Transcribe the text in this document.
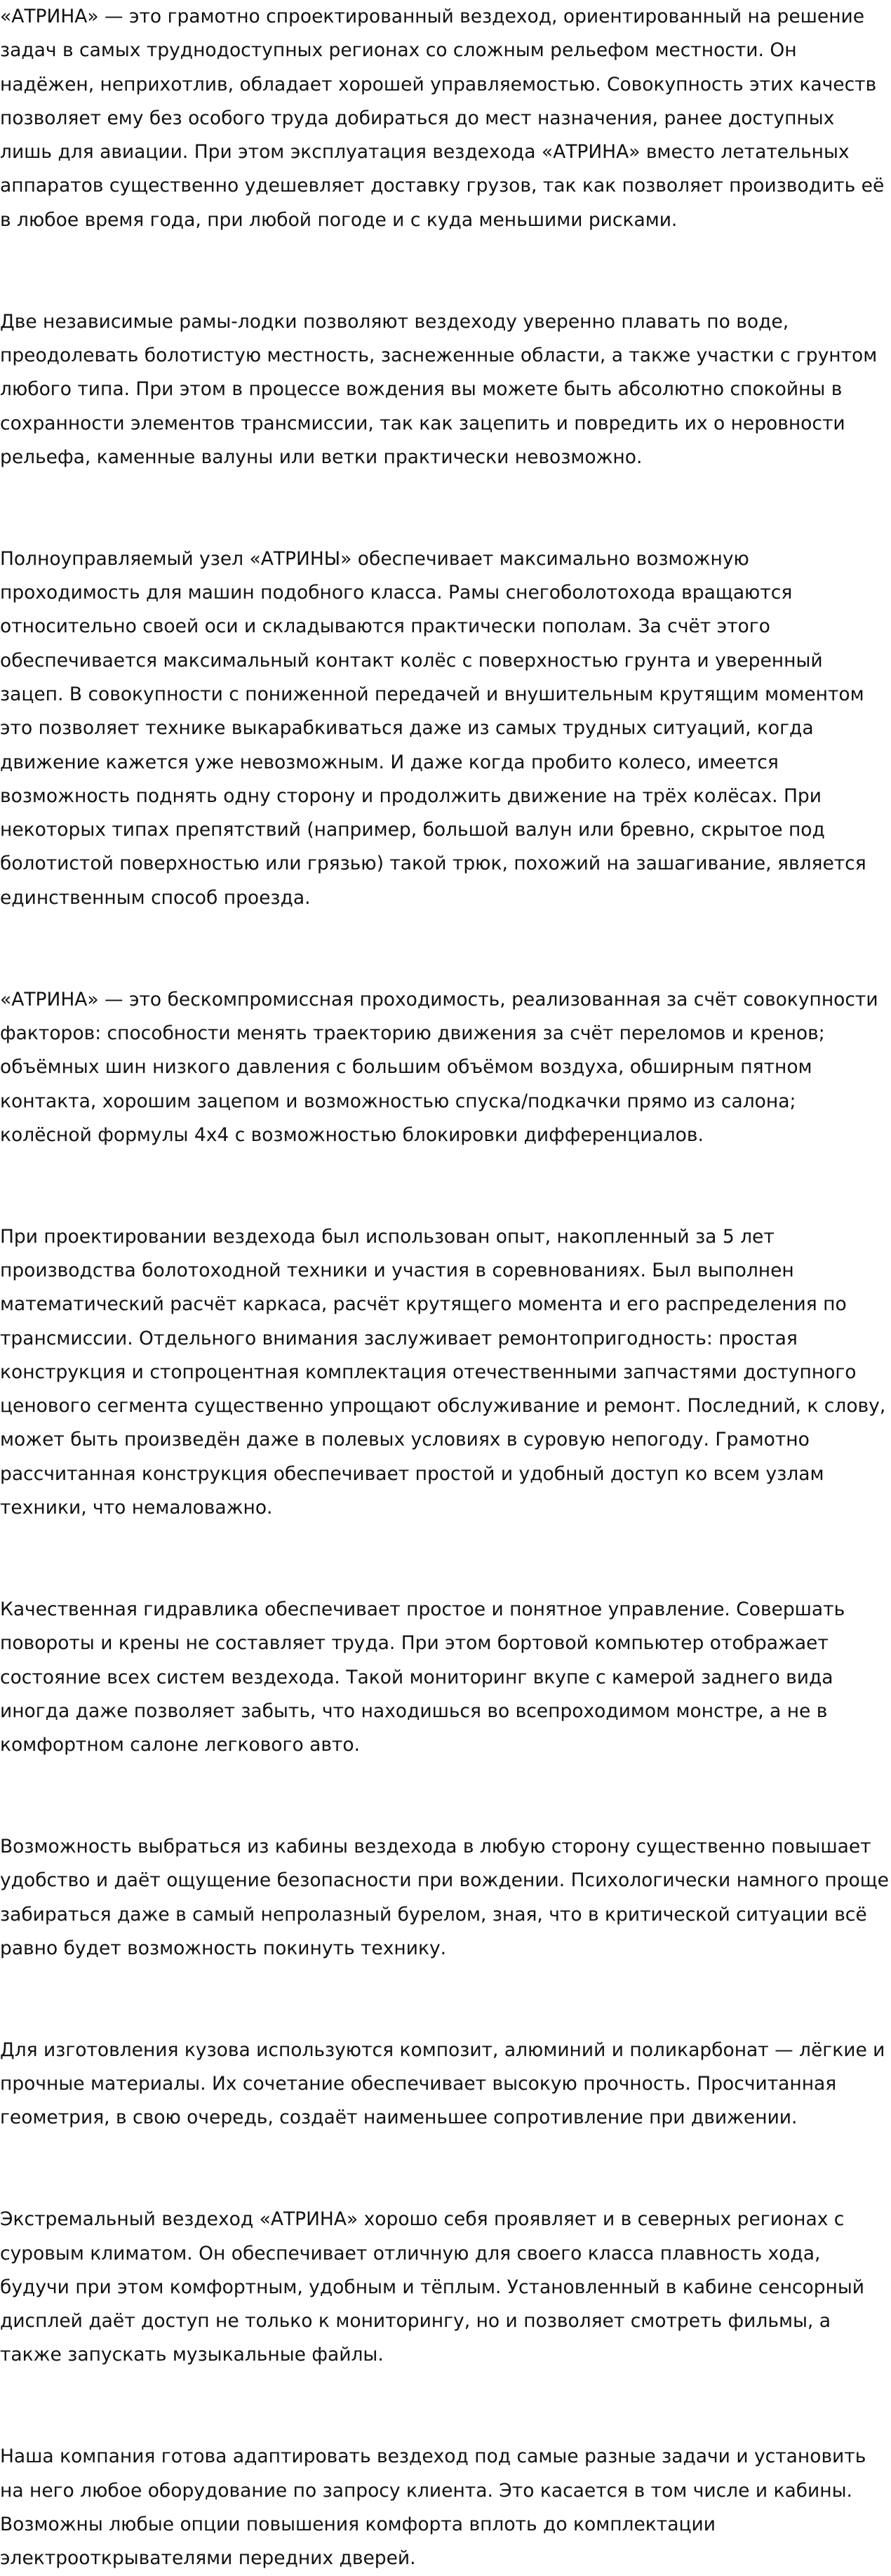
«АТРИНА» — это грамотно спроектированный вездеход, ориентированный на решение задач в самых труднодоступных регионах со сложным рельефом местности. Он надёжен, неприхотлив, обладает хорошей управляемостью. Совокупность этих качеств позволяет ему без особого труда добираться до мест назначения, ранее доступных лишь для авиации. При этом эксплуатация вездехода «АТРИНА» вместо летательных аппаратов существенно удешевляет доставку грузов, так как позволяет производить её в любое время года, при любой погоде и с куда меньшими рисками.

Две независимые рамы-лодки позволяют вездеходу уверенно плавать по воде, преодолевать болотистую местность, заснеженные области, а также участки с грунтом любого типа. При этом в процессе вождения вы можете быть абсолютно спокойны в сохранности элементов трансмиссии, так как зацепить и повредить их о неровности рельефа, каменные валуны или ветки практически невозможно.

Полноуправляемый узел «АТРИНЫ» обеспечивает максимально возможную проходимость для машин подобного класса. Рамы снегоболотохода вращаются относительно своей оси и складываются практически пополам. За счёт этого обеспечивается максимальный контакт колёс с поверхностью грунта и уверенный зацеп. В совокупности с пониженной передачей и внушительным крутящим моментом это позволяет технике выкарабкиваться даже из самых трудных ситуаций, когда движение кажется уже невозможным. И даже когда пробито колесо, имеется возможность поднять одну сторону и продолжить движение на трёх колёсах. При некоторых типах препятствий (например, большой валун или бревно, скрытое под болотистой поверхностью или грязью) такой трюк, похожий на зашагивание, является единственным способ проезда.

«АТРИНА» — это бескомпромиссная проходимость, реализованная за счёт совокупности факторов: способности менять траекторию движения за счёт переломов и кренов; объёмных шин низкого давления с большим объёмом воздуха, обширным пятном контакта, хорошим зацепом и возможностью спуска/подкачки прямо из салона; колёсной формулы 4х4 с возможностью блокировки дифференциалов.

При проектировании вездехода был использован опыт, накопленный за 5 лет производства болотоходной техники и участия в соревнованиях. Был выполнен математический расчёт каркаса, расчёт крутящего момента и его распределения по трансмиссии. Отдельного внимания заслуживает ремонтопригодность: простая конструкция и стопроцентная комплектация отечественными запчастями доступного ценового сегмента существенно упрощают обслуживание и ремонт. Последний, к слову, может быть произведён даже в полевых условиях в суровую непогоду. Грамотно рассчитанная конструкция обеспечивает простой и удобный доступ ко всем узлам техники, что немаловажно.

Качественная гидравлика обеспечивает простое и понятное управление. Совершать повороты и крены не составляет труда. При этом бортовой компьютер отображает состояние всех систем вездехода. Такой мониторинг вкупе с камерой заднего вида иногда даже позволяет забыть, что находишься во всепроходимом монстре, а не в комфортном салоне легкового авто.

Возможность выбраться из кабины вездехода в любую сторону существенно повышает удобство и даёт ощущение безопасности при вождении. Психологически намного проще забираться даже в самый непролазный бурелом, зная, что в критической ситуации всё равно будет возможность покинуть технику.

Для изготовления кузова используются композит, алюминий и поликарбонат — лёгкие и прочные материалы. Их сочетание обеспечивает высокую прочность. Просчитанная геометрия, в свою очередь, создаёт наименьшее сопротивление при движении.

Экстремальный вездеход «АТРИНА» хорошо себя проявляет и в северных регионах с суровым климатом. Он обеспечивает отличную для своего класса плавность хода, будучи при этом комфортным, удобным и тёплым. Установленный в кабине сенсорный дисплей даёт доступ не только к мониторингу, но и позволяет смотреть фильмы, а также запускать музыкальные файлы.

Наша компания готова адаптировать вездеход под самые разные задачи и установить на него любое оборудование по запросу клиента. Это касается в том числе и кабины. Возможны любые опции повышения комфорта вплоть до комплектации электрооткрывателями передних дверей.
